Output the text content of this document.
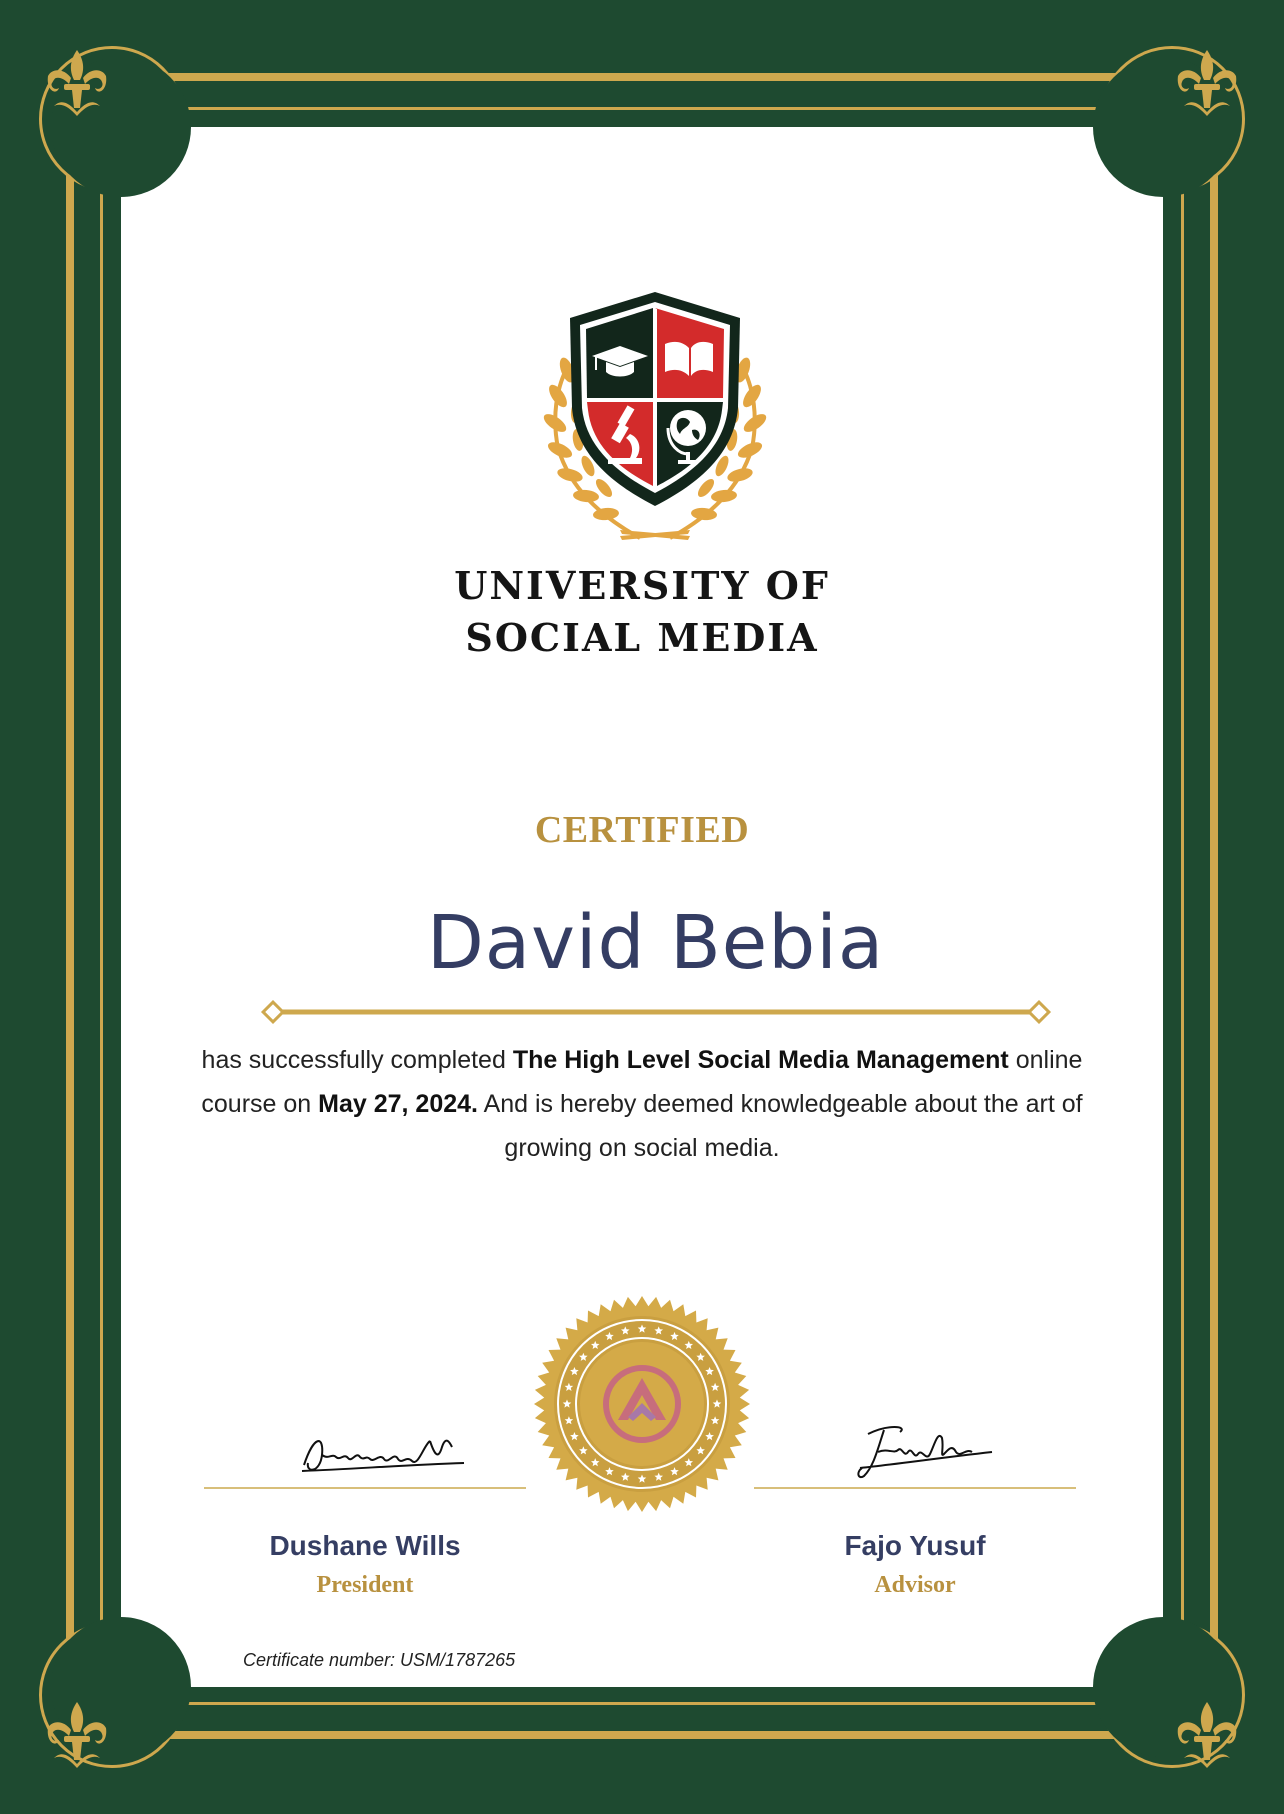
UNIVERSITY OF
SOCIAL MEDIA
CERTIFIED
David Bebia
has successfully completed The High Level Social Media Management online course on May 27, 2024. And is hereby deemed knowledgeable about the art of growing on social media.
Dushane Wills
President
Fajo Yusuf
Advisor
Certificate number: USM/1787265
